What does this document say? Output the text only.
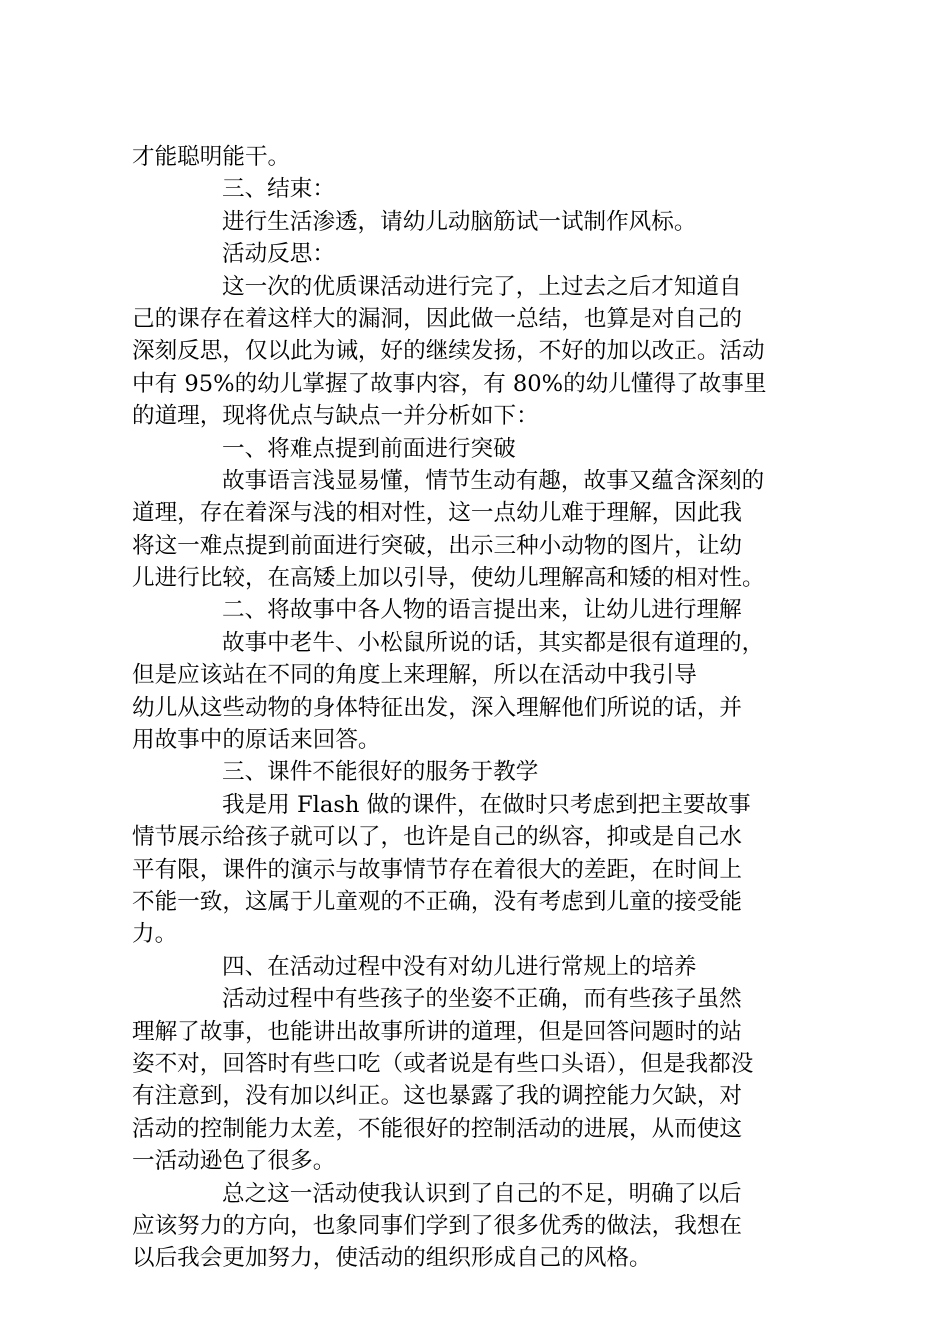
才能聪明能干。
三、结束：
进行生活渗透，请幼儿动脑筋试一试制作风标。
活动反思：
这一次的优质课活动进行完了，上过去之后才知道自
己的课存在着这样大的漏洞，因此做一总结，也算是对自己的
深刻反思，仅以此为诫，好的继续发扬，不好的加以改正。活动
中有 95%的幼儿掌握了故事内容，有 80%的幼儿懂得了故事里
的道理，现将优点与缺点一并分析如下：
一、将难点提到前面进行突破
故事语言浅显易懂，情节生动有趣，故事又蕴含深刻的
道理，存在着深与浅的相对性，这一点幼儿难于理解，因此我
将这一难点提到前面进行突破，出示三种小动物的图片，让幼
儿进行比较，在高矮上加以引导，使幼儿理解高和矮的相对性。
二、将故事中各人物的语言提出来，让幼儿进行理解
故事中老牛、小松鼠所说的话，其实都是很有道理的，
但是应该站在不同的角度上来理解，所以在活动中我引导
幼儿从这些动物的身体特征出发，深入理解他们所说的话，并
用故事中的原话来回答。
三、课件不能很好的服务于教学
我是用 Flash 做的课件，在做时只考虑到把主要故事
情节展示给孩子就可以了，也许是自己的纵容，抑或是自己水
平有限，课件的演示与故事情节存在着很大的差距，在时间上
不能一致，这属于儿童观的不正确，没有考虑到儿童的接受能
力。
四、在活动过程中没有对幼儿进行常规上的培养
活动过程中有些孩子的坐姿不正确，而有些孩子虽然
理解了故事，也能讲出故事所讲的道理，但是回答问题时的站
姿不对，回答时有些口吃（或者说是有些口头语），但是我都没
有注意到，没有加以纠正。这也暴露了我的调控能力欠缺，对
活动的控制能力太差，不能很好的控制活动的进展，从而使这
一活动逊色了很多。
总之这一活动使我认识到了自己的不足，明确了以后
应该努力的方向，也象同事们学到了很多优秀的做法，我想在
以后我会更加努力，使活动的组织形成自己的风格。
